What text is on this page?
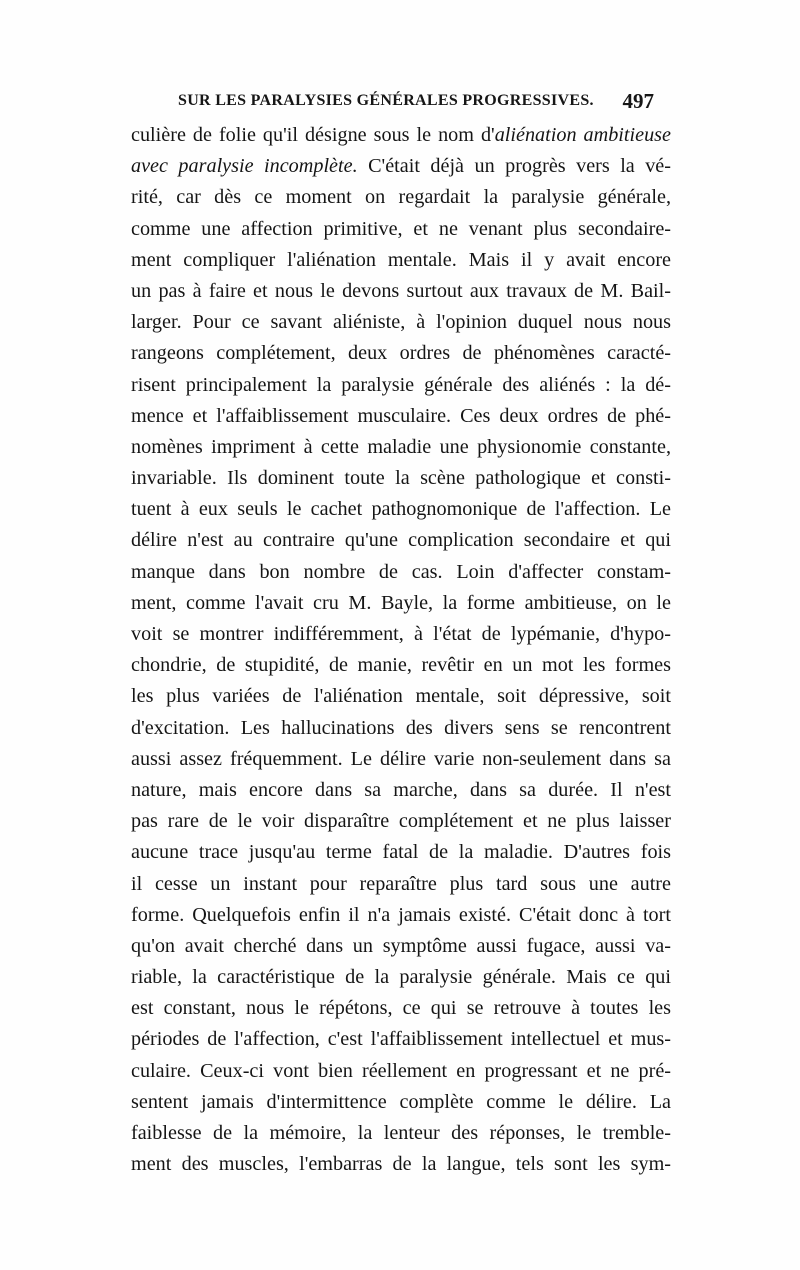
SUR LES PARALYSIES GÉNÉRALES PROGRESSIVES. 497
culière de folie qu'il désigne sous le nom d'aliénation ambitieuse
avec paralysie incomplète. C'était déjà un progrès vers la vé-
rité, car dès ce moment on regardait la paralysie générale,
comme une affection primitive, et ne venant plus secondaire-
ment compliquer l'aliénation mentale. Mais il y avait encore
un pas à faire et nous le devons surtout aux travaux de M. Bail-
larger. Pour ce savant aliéniste, à l'opinion duquel nous nous
rangeons complétement, deux ordres de phénomènes caracté-
risent principalement la paralysie générale des aliénés : la dé-
mence et l'affaiblissement musculaire. Ces deux ordres de phé-
nomènes impriment à cette maladie une physionomie constante,
invariable. Ils dominent toute la scène pathologique et consti-
tuent à eux seuls le cachet pathognomonique de l'affection. Le
délire n'est au contraire qu'une complication secondaire et qui
manque dans bon nombre de cas. Loin d'affecter constam-
ment, comme l'avait cru M. Bayle, la forme ambitieuse, on le
voit se montrer indifféremment, à l'état de lypémanie, d'hypo-
chondrie, de stupidité, de manie, revêtir en un mot les formes
les plus variées de l'aliénation mentale, soit dépressive, soit
d'excitation. Les hallucinations des divers sens se rencontrent
aussi assez fréquemment. Le délire varie non-seulement dans sa
nature, mais encore dans sa marche, dans sa durée. Il n'est
pas rare de le voir disparaître complétement et ne plus laisser
aucune trace jusqu'au terme fatal de la maladie. D'autres fois
il cesse un instant pour reparaître plus tard sous une autre
forme. Quelquefois enfin il n'a jamais existé. C'était donc à tort
qu'on avait cherché dans un symptôme aussi fugace, aussi va-
riable, la caractéristique de la paralysie générale. Mais ce qui
est constant, nous le répétons, ce qui se retrouve à toutes les
périodes de l'affection, c'est l'affaiblissement intellectuel et mus-
culaire. Ceux-ci vont bien réellement en progressant et ne pré-
sentent jamais d'intermittence complète comme le délire. La
faiblesse de la mémoire, la lenteur des réponses, le tremble-
ment des muscles, l'embarras de la langue, tels sont les sym-
